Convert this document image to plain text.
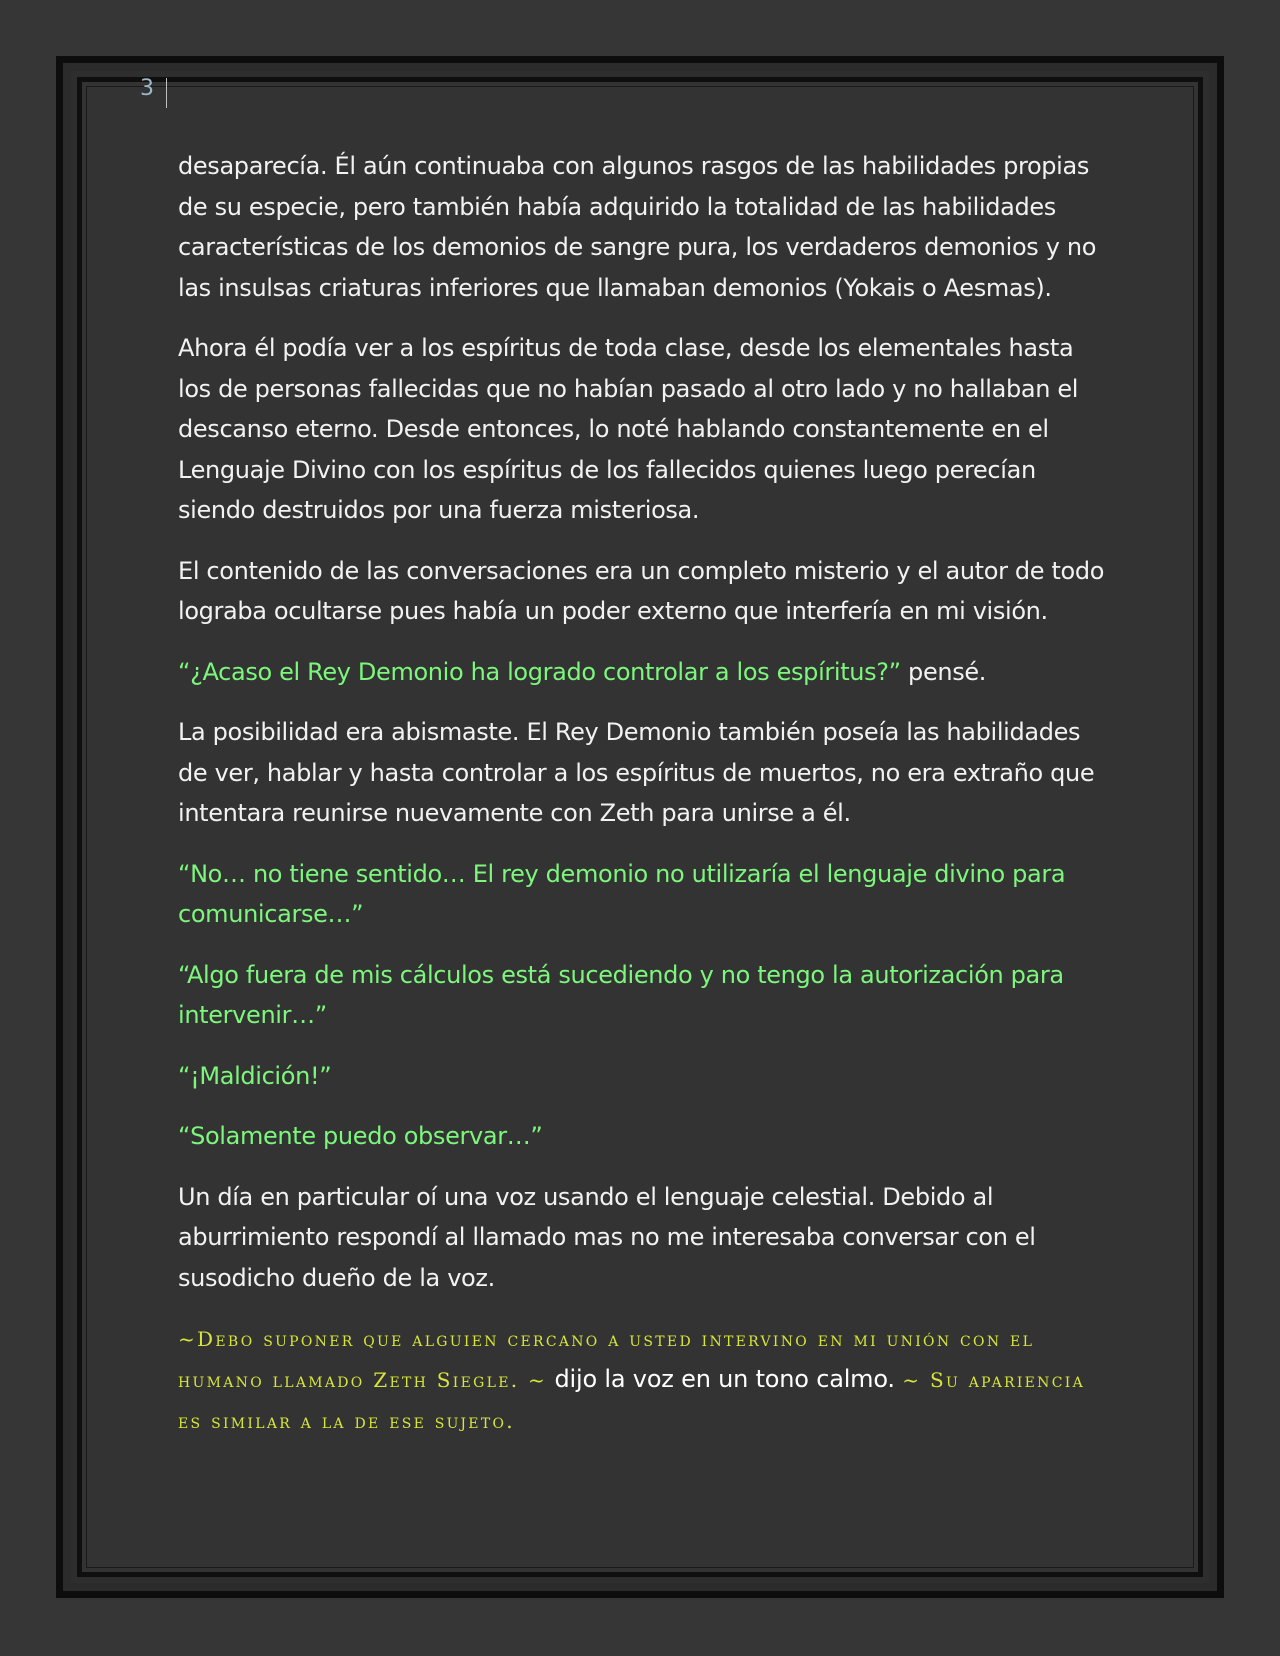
3

desaparecía. Él aún continuaba con algunos rasgos de las habilidades propias de su especie, pero también había adquirido la totalidad de las habilidades características de los demonios de sangre pura, los verdaderos demonios y no las insulsas criaturas inferiores que llamaban demonios (Yokais o Aesmas).

Ahora él podía ver a los espíritus de toda clase, desde los elementales hasta los de personas fallecidas que no habían pasado al otro lado y no hallaban el descanso eterno. Desde entonces, lo noté hablando constantemente en el Lenguaje Divino con los espíritus de los fallecidos quienes luego perecían siendo destruidos por una fuerza misteriosa.

El contenido de las conversaciones era un completo misterio y el autor de todo lograba ocultarse pues había un poder externo que interfería en mi visión.

“¿Acaso el Rey Demonio ha logrado controlar a los espíritus?” pensé.

La posibilidad era abismaste. El Rey Demonio también poseía las habilidades de ver, hablar y hasta controlar a los espíritus de muertos, no era extraño que intentara reunirse nuevamente con Zeth para unirse a él.

“No… no tiene sentido… El rey demonio no utilizaría el lenguaje divino para comunicarse…”

“Algo fuera de mis cálculos está sucediendo y no tengo la autorización para intervenir…”

“¡Maldición!”

“Solamente puedo observar…”

Un día en particular oí una voz usando el lenguaje celestial. Debido al aburrimiento respondí al llamado mas no me interesaba conversar con el susodicho dueño de la voz.

~Debo suponer que alguien cercano a usted intervino en mi unión con el humano llamado Zeth Siegle. ~ dijo la voz en un tono calmo. ~ Su apariencia es similar a la de ese sujeto.
